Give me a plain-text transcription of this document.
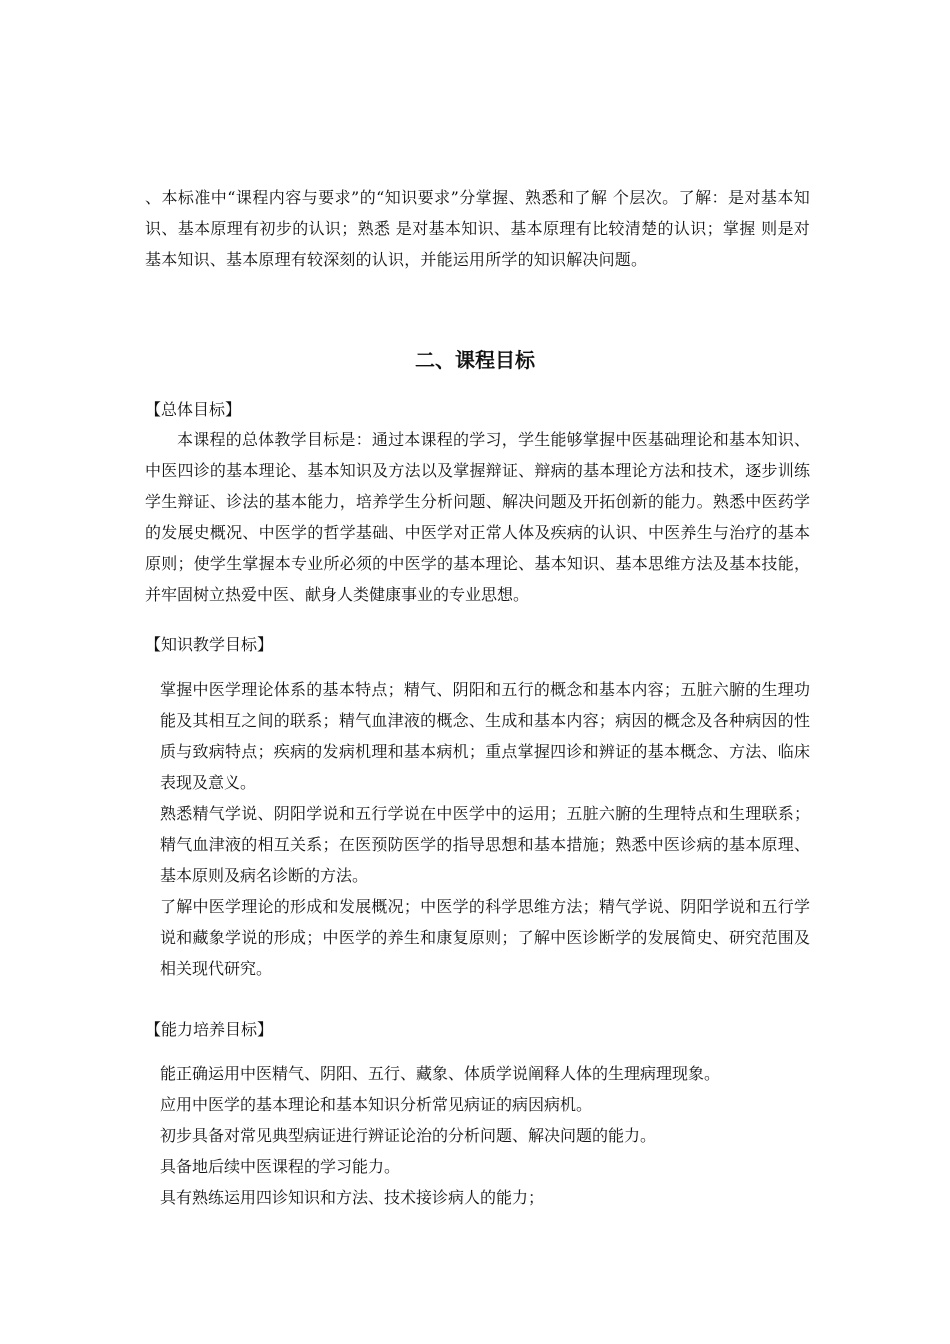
、本标准中“课程内容与要求”的“知识要求”分掌握、熟悉和了解 个层次。了解：是对基本知识、基本原理有初步的认识；熟悉 是对基本知识、基本原理有比较清楚的认识；掌握 则是对基本知识、基本原理有较深刻的认识，并能运用所学的知识解决问题。

二、课程目标
【总体目标】

本课程的总体教学目标是：通过本课程的学习，学生能够掌握中医基础理论和基本知识、中医四诊的基本理论、基本知识及方法以及掌握辩证、辩病的基本理论方法和技术，逐步训练学生辩证、诊法的基本能力，培养学生分析问题、解决问题及开拓创新的能力。熟悉中医药学的发展史概况、中医学的哲学基础、中医学对正常人体及疾病的认识、中医养生与治疗的基本原则；使学生掌握本专业所必须的中医学的基本理论、基本知识、基本思维方法及基本技能，并牢固树立热爱中医、献身人类健康事业的专业思想。

【知识教学目标】
掌握中医学理论体系的基本特点；精气、阴阳和五行的概念和基本内容；五脏六腑的生理功能及其相互之间的联系；精气血津液的概念、生成和基本内容；病因的概念及各种病因的性质与致病特点；疾病的发病机理和基本病机；重点掌握四诊和辨证的基本概念、方法、临床表现及意义。
熟悉精气学说、阴阳学说和五行学说在中医学中的运用；五脏六腑的生理特点和生理联系；精气血津液的相互关系；在医预防医学的指导思想和基本措施；熟悉中医诊病的基本原理、基本原则及病名诊断的方法。
了解中医学理论的形成和发展概况；中医学的科学思维方法；精气学说、阴阳学说和五行学说和藏象学说的形成；中医学的养生和康复原则；了解中医诊断学的发展简史、研究范围及相关现代研究。
【能力培养目标】
能正确运用中医精气、阴阳、五行、藏象、体质学说阐释人体的生理病理现象。
应用中医学的基本理论和基本知识分析常见病证的病因病机。
初步具备对常见典型病证进行辨证论治的分析问题、解决问题的能力。
具备地后续中医课程的学习能力。
具有熟练运用四诊知识和方法、技术接诊病人的能力；
